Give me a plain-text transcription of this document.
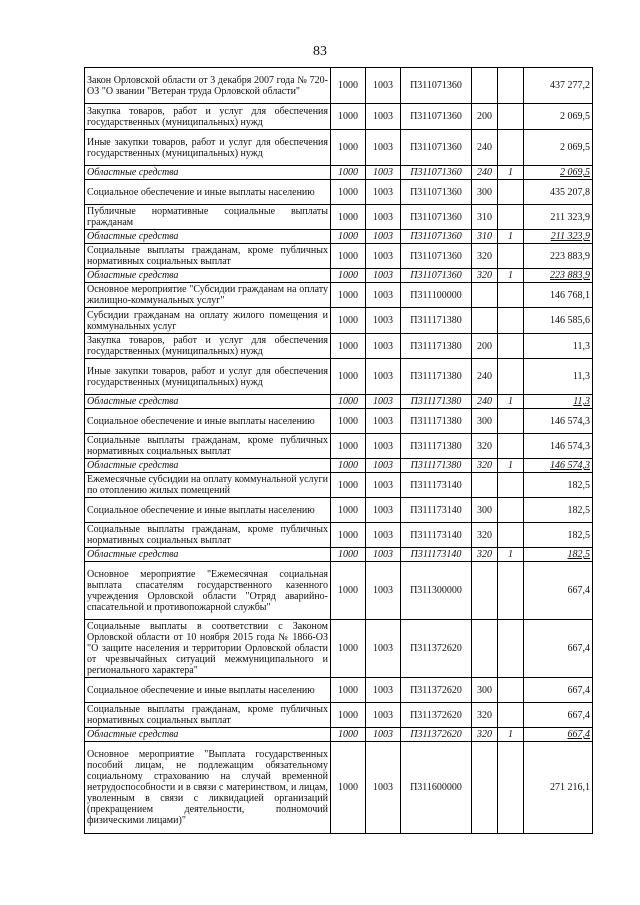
83
Закон Орловской области от 3 декабря 2007 года № 720-ОЗ "О звании "Ветеран труда Орловской области"	1000	1003	П311071360			437 277,2
Закупка товаров, работ и услуг для обеспечения государственных (муниципальных) нужд	1000	1003	П311071360	200		2 069,5
Иные закупки товаров, работ и услуг для обеспечения государственных (муниципальных) нужд	1000	1003	П311071360	240		2 069,5
Областные средства	1000	1003	П311071360	240	1	2 069,5
Социальное обеспечение и иные выплаты населению	1000	1003	П311071360	300		435 207,8
Публичные нормативные социальные выплаты гражданам	1000	1003	П311071360	310		211 323,9
Областные средства	1000	1003	П311071360	310	1	211 323,9
Социальные выплаты гражданам, кроме публичных нормативных социальных выплат	1000	1003	П311071360	320		223 883,9
Областные средства	1000	1003	П311071360	320	1	223 883,9
Основное мероприятие "Субсидии гражданам на оплату жилищно-коммунальных услуг"	1000	1003	П311100000			146 768,1
Субсидии гражданам на оплату жилого помещения и коммунальных услуг	1000	1003	П311171380			146 585,6
Закупка товаров, работ и услуг для обеспечения государственных (муниципальных) нужд	1000	1003	П311171380	200		11,3
Иные закупки товаров, работ и услуг для обеспечения государственных (муниципальных) нужд	1000	1003	П311171380	240		11,3
Областные средства	1000	1003	П311171380	240	1	11,3
Социальное обеспечение и иные выплаты населению	1000	1003	П311171380	300		146 574,3
Социальные выплаты гражданам, кроме публичных нормативных социальных выплат	1000	1003	П311171380	320		146 574,3
Областные средства	1000	1003	П311171380	320	1	146 574,3
Ежемесячные субсидии на оплату коммунальной услуги по отоплению жилых помещений	1000	1003	П311173140			182,5
Социальное обеспечение и иные выплаты населению	1000	1003	П311173140	300		182,5
Социальные выплаты гражданам, кроме публичных нормативных социальных выплат	1000	1003	П311173140	320		182,5
Областные средства	1000	1003	П311173140	320	1	182,5
Основное мероприятие "Ежемесячная социальная выплата спасателям государственного казенного учреждения Орловской области "Отряд аварийно-спасательной и противопожарной службы"	1000	1003	П311300000			667,4
Социальные выплаты в соответствии с Законом Орловской области от 10 ноября 2015 года № 1866-ОЗ "О защите населения и территории Орловской области от чрезвычайных ситуаций межмуниципального и регионального характера"	1000	1003	П311372620			667,4
Социальное обеспечение и иные выплаты населению	1000	1003	П311372620	300		667,4
Социальные выплаты гражданам, кроме публичных нормативных социальных выплат	1000	1003	П311372620	320		667,4
Областные средства	1000	1003	П311372620	320	1	667,4
Основное мероприятие "Выплата государственных пособий лицам, не подлежащим обязательному социальному страхованию на случай временной нетрудоспособности и в связи с материнством, и лицам, уволенным в связи с ликвидацией организаций (прекращением деятельности, полномочий физическими лицами)"	1000	1003	П311600000			271 216,1
